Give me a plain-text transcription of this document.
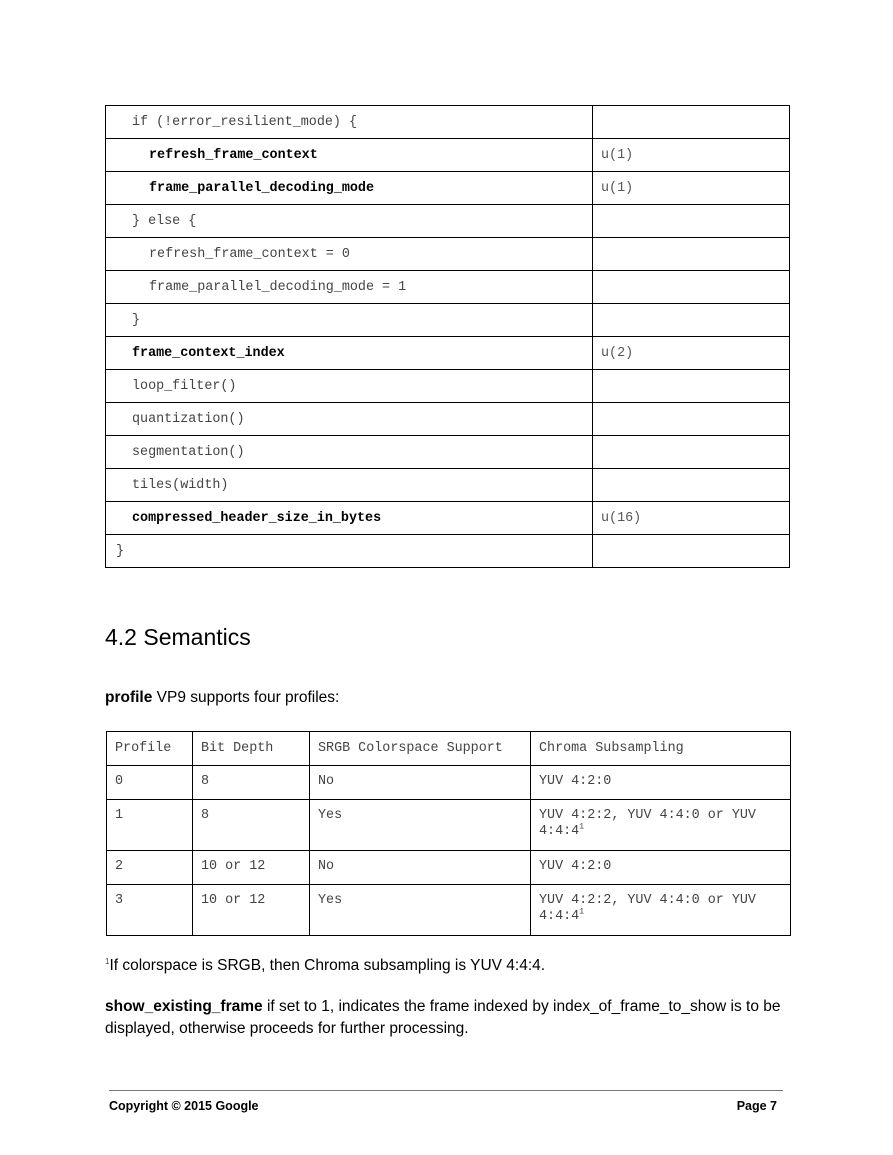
if (!error_resilient_mode) {	
refresh_frame_context	u(1)
frame_parallel_decoding_mode	u(1)
} else {	
refresh_frame_context = 0	
frame_parallel_decoding_mode = 1	
}	
frame_context_index	u(2)
loop_filter()	
quantization()	
segmentation()	
tiles(width)	
compressed_header_size_in_bytes	u(16)
}	
4.2 Semantics

profile VP9 supports four profiles:

Profile	Bit Depth	SRGB Colorspace Support	Chroma Subsampling
0	8	No	YUV 4:2:0
1	8	Yes	YUV 4:2:2, YUV 4:4:0 or YUV 4:4:4$^1$
2	10 or 12	No	YUV 4:2:0
3	10 or 12	Yes	YUV 4:2:2, YUV 4:4:0 or YUV 4:4:4$^1$

$^1$If colorspace is SRGB, then Chroma subsampling is YUV 4:4:4.

show_existing_frame if set to 1, indicates the frame indexed by index_of_frame_to_show is to be displayed, otherwise proceeds for further processing.

Copyright © 2015 Google	Page 7
